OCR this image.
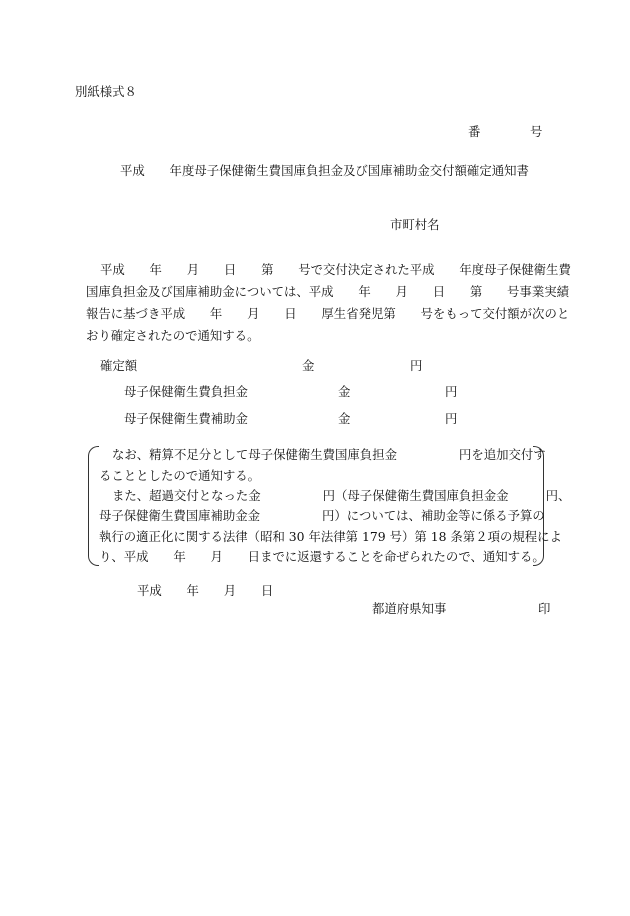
別紙様式８
番　　　　号
平成　　年度母子保健衛生費国庫負担金及び国庫補助金交付額確定通知書
市町村名
平成　　年　　月　　日　　第　　号で交付決定された平成　　年度母子保健衛生費
国庫負担金及び国庫補助金については、平成　　年　　月　　日　　第　　号事業実績
報告に基づき平成　　年　　月　　日　　厚生省発児第　　号をもって交付額が次のと
おり確定されたので通知する。
確定額	金	円
母子保健衛生費負担金	金	円
母子保健衛生費補助金	金	円
なお、精算不足分として母子保健衛生費国庫負担金　　　　　円を追加交付す
ることとしたので通知する。
また、超過交付となった金　　　　　円（母子保健衛生費国庫負担金金　　　円、
母子保健衛生費国庫補助金金　　　　　円）については、補助金等に係る予算の
執行の適正化に関する法律（昭和 30 年法律第 179 号）第 18 条第２項の規程によ
り、平成　　年　　月　　日までに返還することを命ぜられたので、通知する。
平成　　年　　月　　日
都道府県知事	印
